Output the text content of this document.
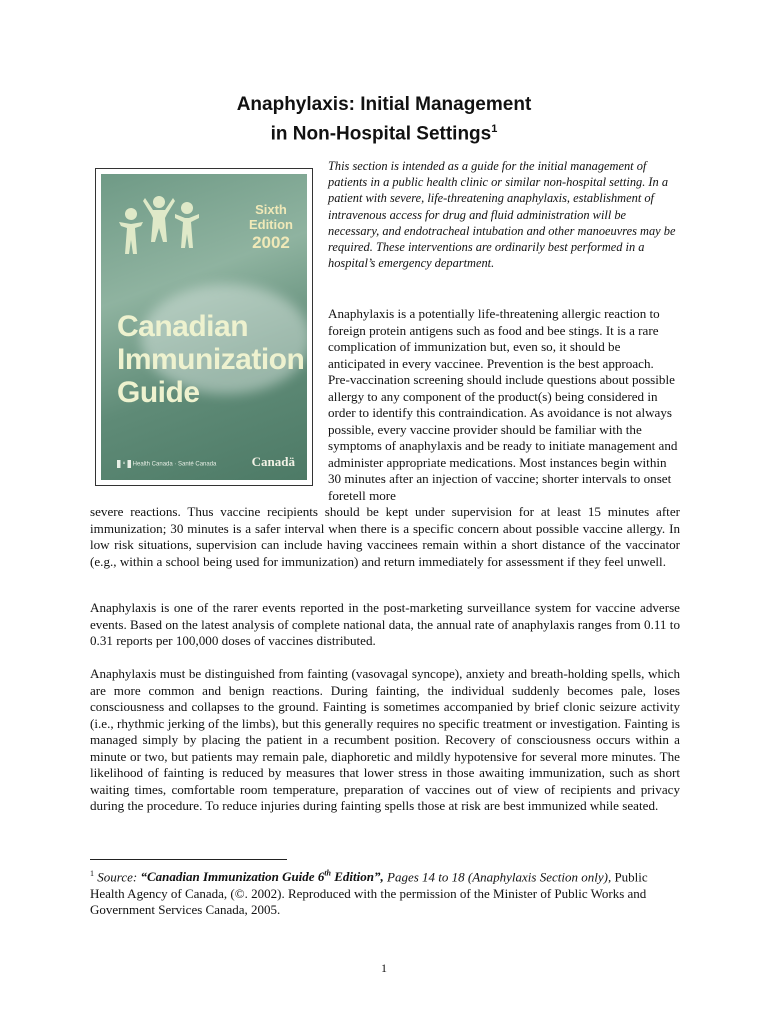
Anaphylaxis: Initial Management
in Non-Hospital Settings$^1$
Sixth
Edition
2002
Canadian
Immunization
Guide
Health Canada · Santé Canada	Canadä
This section is intended as a guide for the initial management of patients in a public health clinic or similar non-hospital setting. In a patient with severe, life-threatening anaphylaxis, establishment of intravenous access for drug and fluid administration will be necessary, and endotracheal intubation and other manoeuvres may be required. These interventions are ordinarily best performed in a hospital’s emergency department.
Anaphylaxis is a potentially life-threatening allergic reaction to foreign protein antigens such as food and bee stings. It is a rare complication of immunization but, even so, it should be anticipated in every vaccinee. Prevention is the best approach. Pre-vaccination screening should include questions about possible allergy to any component of the product(s) being considered in order to identify this contraindication. As avoidance is not always possible, every vaccine provider should be familiar with the symptoms of anaphylaxis and be ready to initiate management and administer appropriate medications. Most instances begin within 30 minutes after an injection of vaccine; shorter intervals to onset foretell more
severe reactions. Thus vaccine recipients should be kept under supervision for at least 15 minutes after immunization; 30 minutes is a safer interval when there is a specific concern about possible vaccine allergy. In low risk situations, supervision can include having vaccinees remain within a short distance of the vaccinator (e.g., within a school being used for immunization) and return immediately for assessment if they feel unwell.
Anaphylaxis is one of the rarer events reported in the post-marketing surveillance system for vaccine adverse events. Based on the latest analysis of complete national data, the annual rate of anaphylaxis ranges from 0.11 to 0.31 reports per 100,000 doses of vaccines distributed.
Anaphylaxis must be distinguished from fainting (vasovagal syncope), anxiety and breath-holding spells, which are more common and benign reactions. During fainting, the individual suddenly becomes pale, loses consciousness and collapses to the ground. Fainting is sometimes accompanied by brief clonic seizure activity (i.e., rhythmic jerking of the limbs), but this generally requires no specific treatment or investigation. Fainting is managed simply by placing the patient in a recumbent position. Recovery of consciousness occurs within a minute or two, but patients may remain pale, diaphoretic and mildly hypotensive for several more minutes. The likelihood of fainting is reduced by measures that lower stress in those awaiting immunization, such as short waiting times, comfortable room temperature, preparation of vaccines out of view of recipients and privacy during the procedure. To reduce injuries during fainting spells those at risk are best immunized while seated.
$^1$ Source: “Canadian Immunization Guide 6th Edition”, Pages 14 to 18 (Anaphylaxis Section only), Public Health Agency of Canada, (©. 2002). Reproduced with the permission of the Minister of Public Works and Government Services Canada, 2005.
1
